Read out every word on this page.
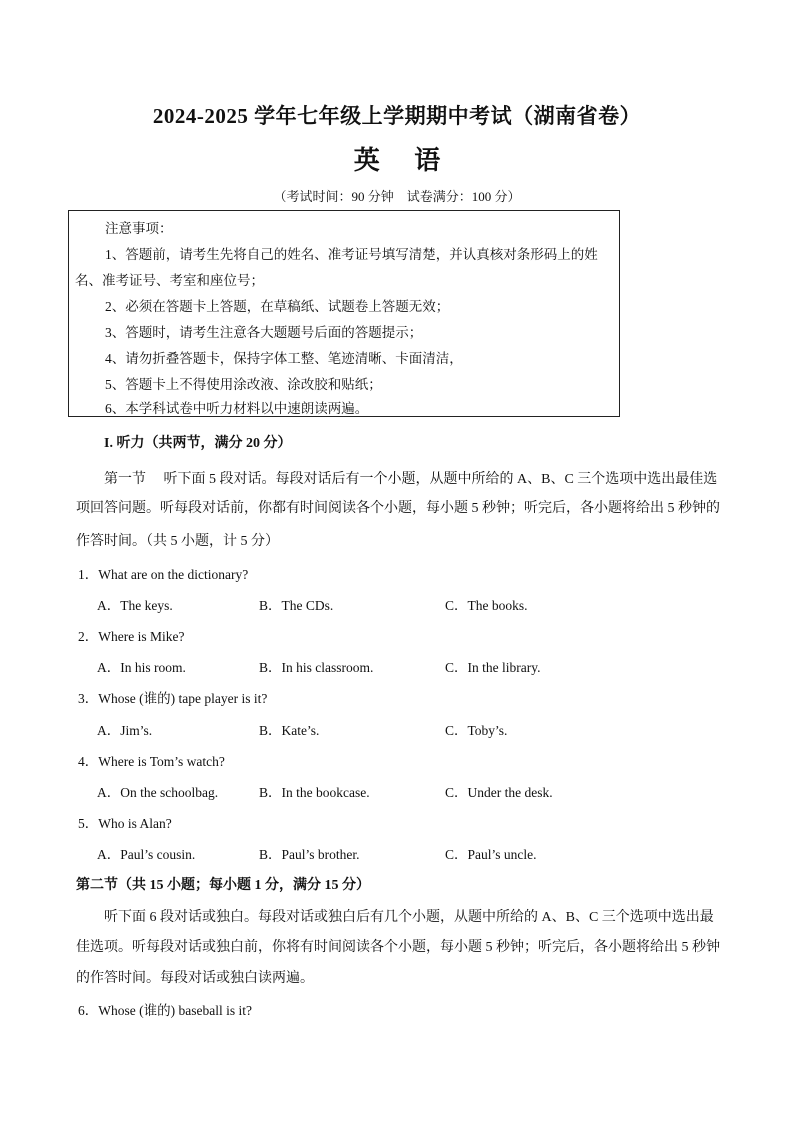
2024-2025 学年七年级上学期期中考试（湖南省卷）
英 语
（考试时间：90 分钟　试卷满分：100 分）
注意事项：
1、答题前，请考生先将自己的姓名、准考证号填写清楚，并认真核对条形码上的姓
名、准考证号、考室和座位号；
2、必须在答题卡上答题，在草稿纸、试题卷上答题无效；
3、答题时，请考生注意各大题题号后面的答题提示；
4、请勿折叠答题卡，保持字体工整、笔迹清晰、卡面清洁，
5、答题卡上不得使用涂改液、涂改胶和贴纸；
6、本学科试卷中听力材料以中速朗读两遍。
I. 听力（共两节，满分 20 分）
第一节　 听下面 5 段对话。每段对话后有一个小题，从题中所给的 A、B、C 三个选项中选出最佳选
项回答问题。听每段对话前，你都有时间阅读各个小题，每小题 5 秒钟；听完后，各小题将给出 5 秒钟的
作答时间。（共 5 小题，计 5 分）
1．What are on the dictionary?
A．The keys.	B．The CDs.	C．The books.
2．Where is Mike?
A．In his room.	B．In his classroom.	C．In the library.
3．Whose (谁的) tape player is it?
A．Jim’s.	B．Kate’s.	C．Toby’s.
4．Where is Tom’s watch?
A．On the schoolbag.	B．In the bookcase.	C．Under the desk.
5．Who is Alan?
A．Paul’s cousin.	B．Paul’s brother.	C．Paul’s uncle.
第二节（共 15 小题；每小题 1 分，满分 15 分）
听下面 6 段对话或独白。每段对话或独白后有几个小题，从题中所给的 A、B、C 三个选项中选出最
佳选项。听每段对话或独白前，你将有时间阅读各个小题，每小题 5 秒钟；听完后，各小题将给出 5 秒钟
的作答时间。每段对话或独白读两遍。
6．Whose (谁的) baseball is it?
